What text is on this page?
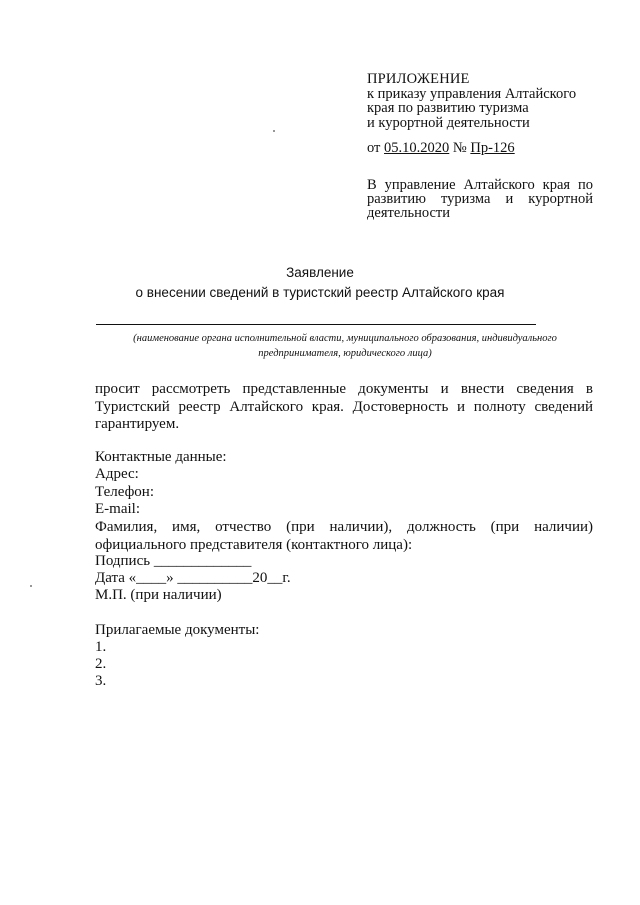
ПРИЛОЖЕНИЕ
к приказу управления Алтайского
края по развитию туризма
и курортной деятельности
от 05.10.2020 № Пр-126
В управление Алтайского края по развитию туризма и курортной деятельности
Заявление
о внесении сведений в туристский реестр Алтайского края
(наименование органа исполнительной власти, муниципального образования, индивидуального предпринимателя, юридического лица)
просит рассмотреть представленные документы и внести сведения в Туристский реестр Алтайского края. Достоверность и полноту сведений гарантируем.
Контактные данные:
Адрес:
Телефон:
E-mail:
Фамилия, имя, отчество (при наличии), должность (при наличии) официального представителя (контактного лица):
Подпись _____________
Дата «____» __________20__г.
М.П. (при наличии)
Прилагаемые документы:
1.
2.
3.
